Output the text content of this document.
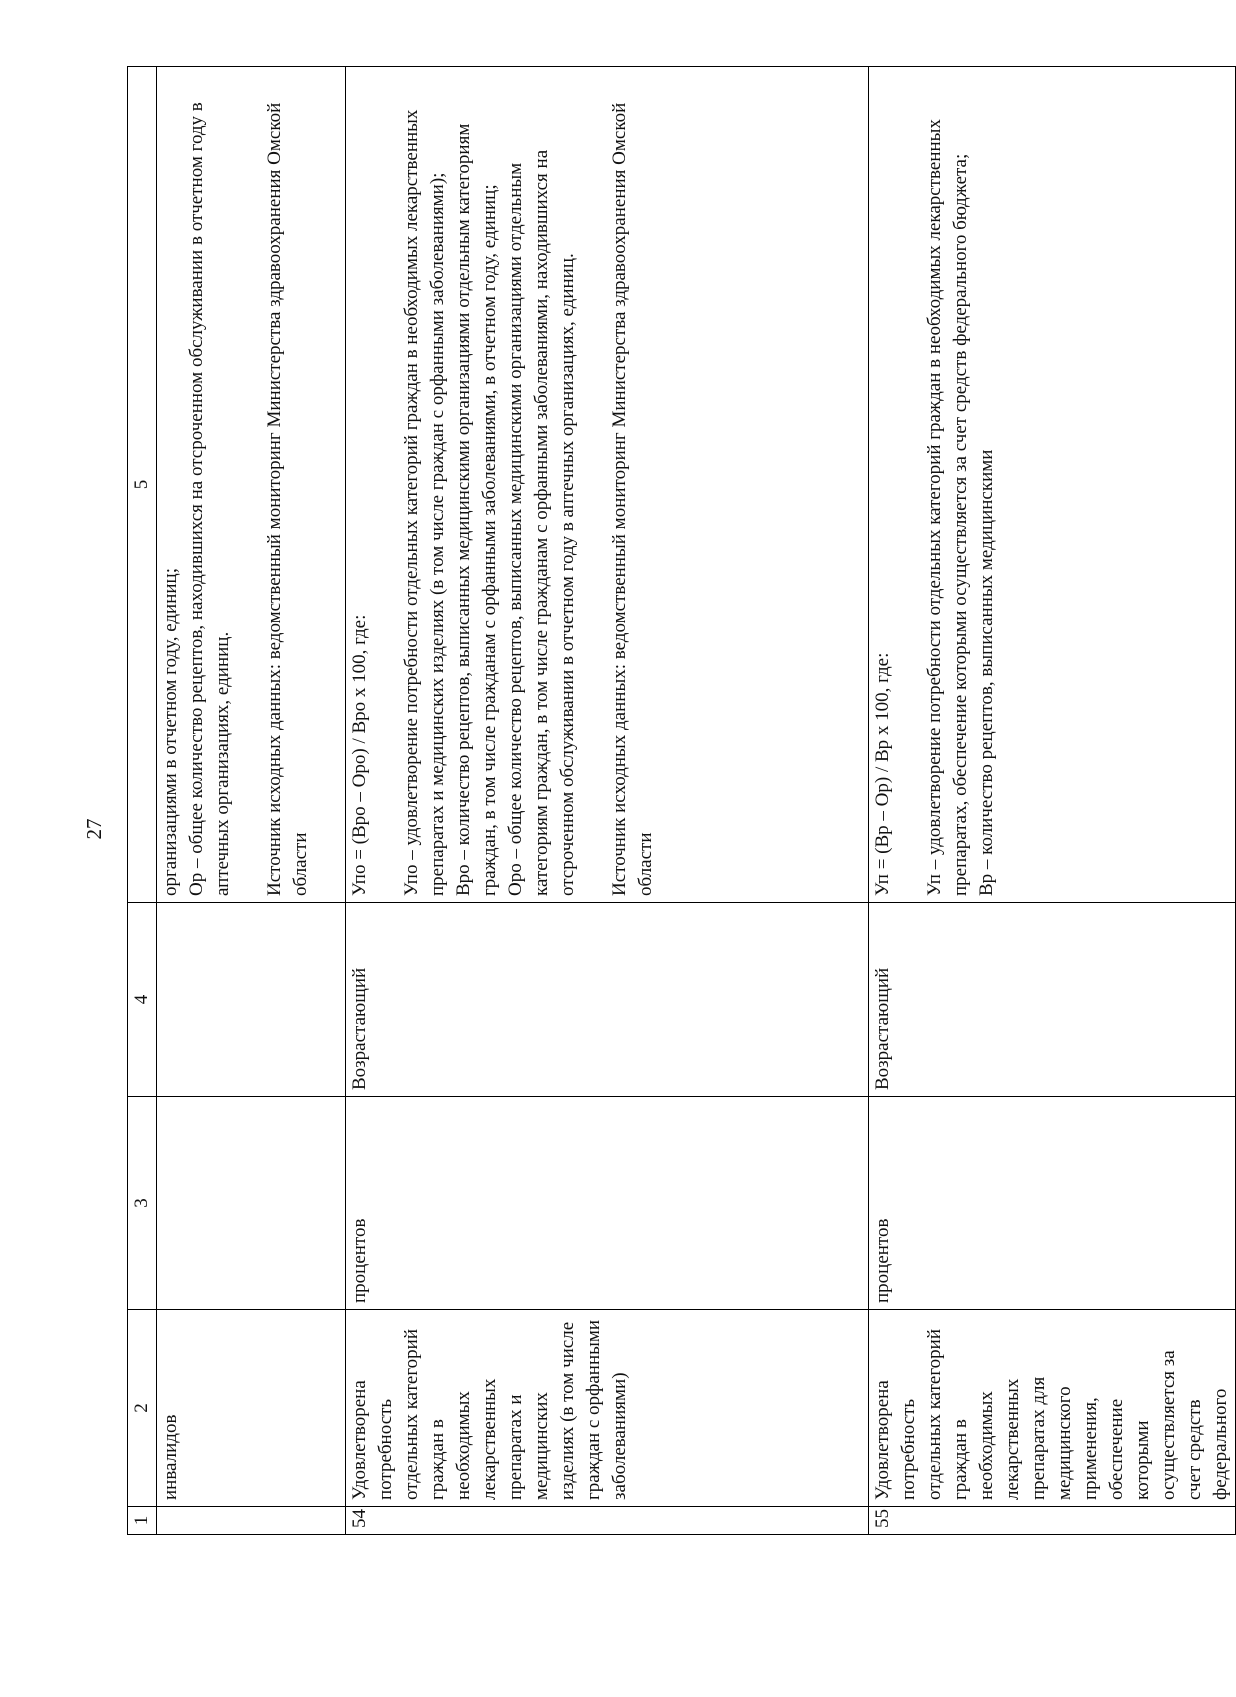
27
1	2	3	4	5
	инвалидов			организациями в отчетном году, единиц;
Ор – общее количество рецептов, находившихся на отсроченном обслуживании в отчетном году в аптечных организациях, единиц.

Источник исходных данных: ведомственный мониторинг Министерства здравоохранения Омской области
54	Удовлетворена потребность отдельных категорий граждан в необходимых лекарственных препаратах и медицинских изделиях (в том числе граждан с орфанными заболеваниями)	процентов	Возрастающий	Упо = (Врo – Орo) / Врo х 100, где:

Упо – удовлетворение потребности отдельных категорий граждан в необходимых лекарственных препаратах и медицинских изделиях (в том числе граждан с орфанными заболеваниями);
Вро – количество рецептов, выписанных медицинскими организациями отдельным категориям граждан, в том числе гражданам с орфанными заболеваниями, в отчетном году, единиц;
Оро – общее количество рецептов, выписанных медицинскими организациями отдельным категориям граждан, в том числе гражданам с орфанными заболеваниями, находившихся на отсроченном обслуживании в отчетном году в аптечных организациях, единиц.

Источник исходных данных: ведомственный мониторинг Министерства здравоохранения Омской области
55	Удовлетворена потребность отдельных категорий граждан в необходимых лекарственных препаратах для медицинского применения, обеспечение которыми осуществляется за счет средств федерального	процентов	Возрастающий	Уп = (Вр – Ор) / Вр х 100, где:

Уп – удовлетворение потребности отдельных категорий граждан в необходимых лекарственных препаратах, обеспечение которыми осуществляется за счет средств федерального бюджета;
Вр – количество рецептов, выписанных медицинскими
